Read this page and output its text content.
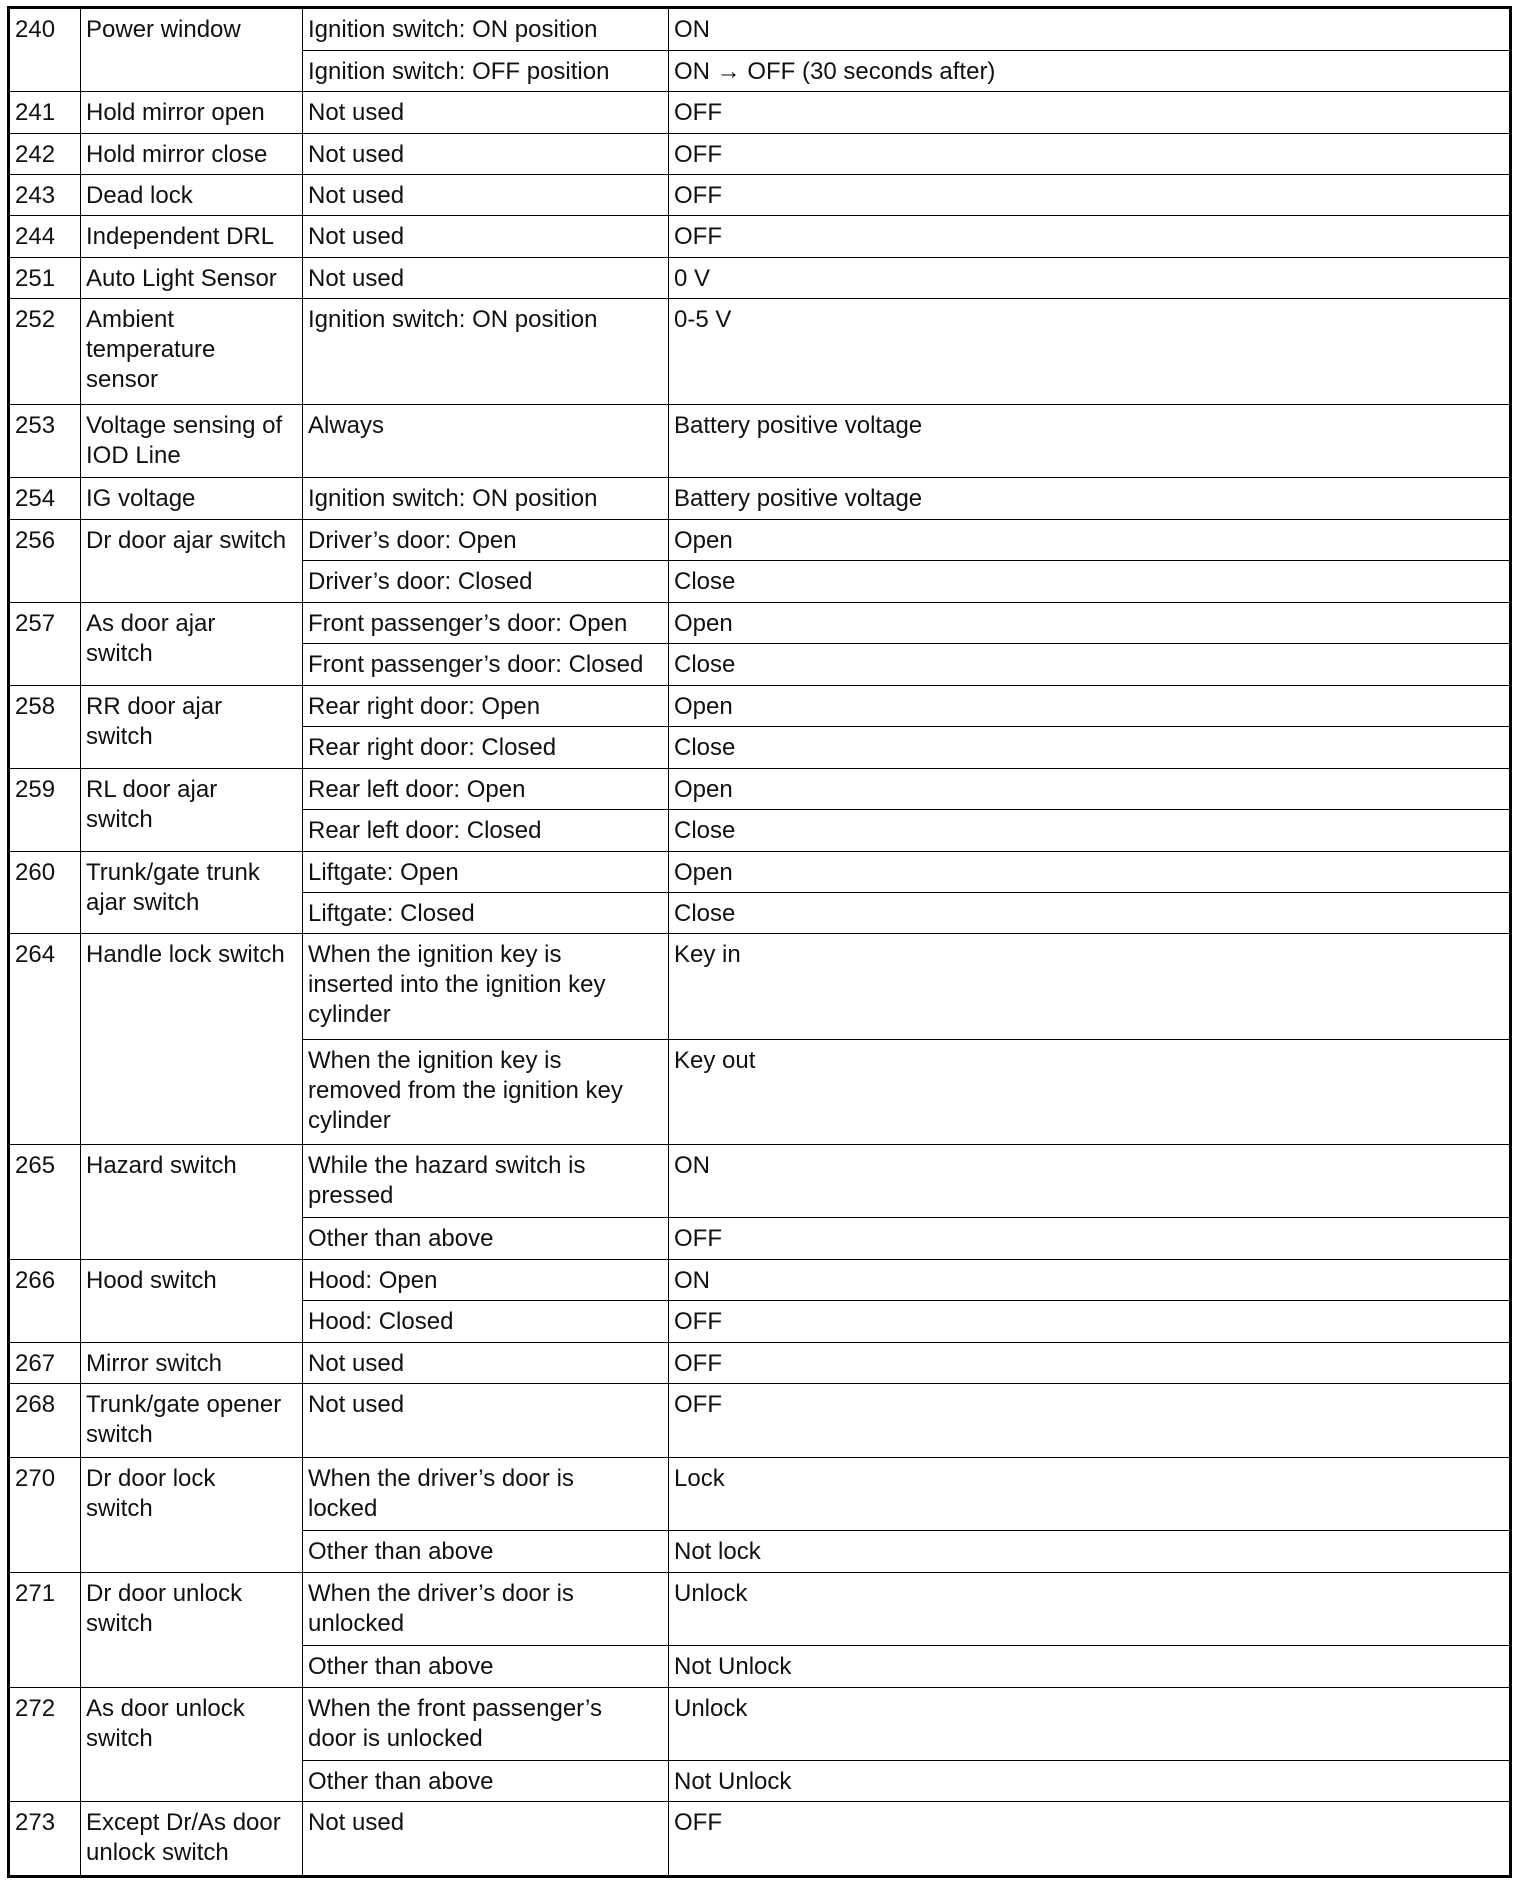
240	Power window	Ignition switch: ON position	ON
		Ignition switch: OFF position	ON → OFF (30 seconds after)
241	Hold mirror open	Not used	OFF
242	Hold mirror close	Not used	OFF
243	Dead lock	Not used	OFF
244	Independent DRL	Not used	OFF
251	Auto Light Sensor	Not used	0 V
252	Ambient
temperature
sensor	Ignition switch: ON position	0-5 V
253	Voltage sensing of
IOD Line	Always	Battery positive voltage
254	IG voltage	Ignition switch: ON position	Battery positive voltage
256	Dr door ajar switch	Driver’s door: Open	Open
		Driver’s door: Closed	Close
257	As door ajar
switch	Front passenger’s door: Open	Open
		Front passenger’s door: Closed	Close
258	RR door ajar
switch	Rear right door: Open	Open
		Rear right door: Closed	Close
259	RL door ajar
switch	Rear left door: Open	Open
		Rear left door: Closed	Close
260	Trunk/gate trunk
ajar switch	Liftgate: Open	Open
		Liftgate: Closed	Close
264	Handle lock switch	When the ignition key is
inserted into the ignition key
cylinder	Key in
		When the ignition key is
removed from the ignition key
cylinder	Key out
265	Hazard switch	While the hazard switch is
pressed	ON
		Other than above	OFF
266	Hood switch	Hood: Open	ON
		Hood: Closed	OFF
267	Mirror switch	Not used	OFF
268	Trunk/gate opener
switch	Not used	OFF
270	Dr door lock
switch	When the driver’s door is
locked	Lock
		Other than above	Not lock
271	Dr door unlock
switch	When the driver’s door is
unlocked	Unlock
		Other than above	Not Unlock
272	As door unlock
switch	When the front passenger’s
door is unlocked	Unlock
		Other than above	Not Unlock
273	Except Dr/As door
unlock switch	Not used	OFF
